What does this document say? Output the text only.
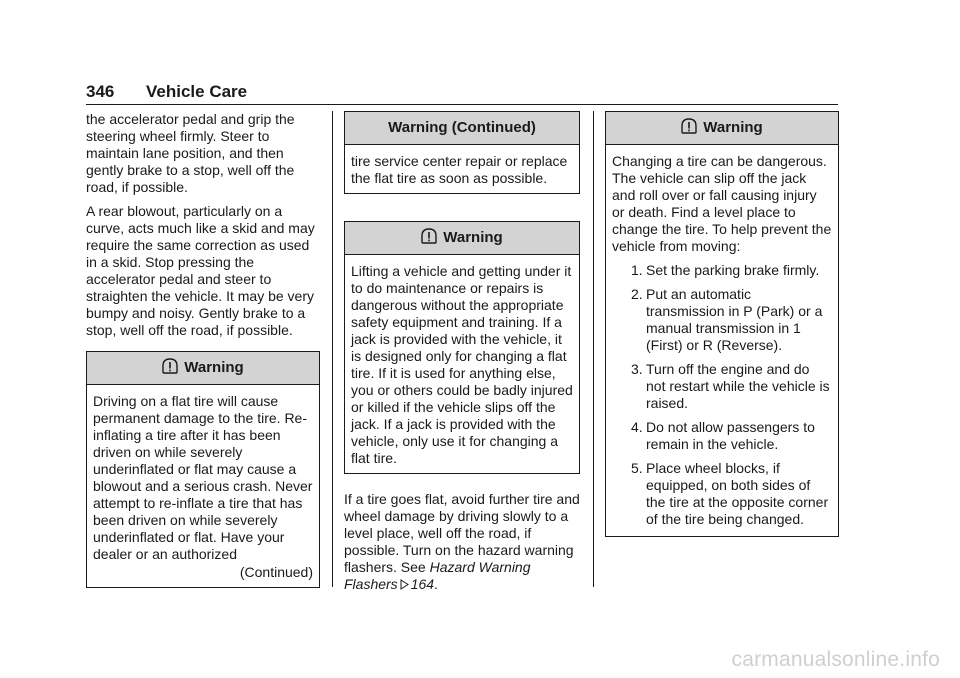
346 Vehicle Care

the accelerator pedal and grip the steering wheel firmly. Steer to maintain lane position, and then gently brake to a stop, well off the road, if possible.

A rear blowout, particularly on a curve, acts much like a skid and may require the same correction as used in a skid. Stop pressing the accelerator pedal and steer to straighten the vehicle. It may be very bumpy and noisy. Gently brake to a stop, well off the road, if possible.

Warning

Driving on a flat tire will cause permanent damage to the tire. Re-inflating a tire after it has been driven on while severely underinflated or flat may cause a blowout and a serious crash. Never attempt to re-inflate a tire that has been driven on while severely underinflated or flat. Have your dealer or an authorized

(Continued)
Warning (Continued)

tire service center repair or replace the flat tire as soon as possible.

Warning

Lifting a vehicle and getting under it to do maintenance or repairs is dangerous without the appropriate safety equipment and training. If a jack is provided with the vehicle, it is designed only for changing a flat tire. If it is used for anything else, you or others could be badly injured or killed if the vehicle slips off the jack. If a jack is provided with the vehicle, only use it for changing a flat tire.

If a tire goes flat, avoid further tire and wheel damage by driving slowly to a level place, well off the road, if possible. Turn on the hazard warning flashers. See Hazard Warning Flashers 164.

Warning

Changing a tire can be dangerous. The vehicle can slip off the jack and roll over or fall causing injury or death. Find a level place to change the tire. To help prevent the vehicle from moving:

1. Set the parking brake firmly.
2. Put an automatic transmission in P (Park) or a manual transmission in 1 (First) or R (Reverse).
3. Turn off the engine and do not restart while the vehicle is raised.
4. Do not allow passengers to remain in the vehicle.
5. Place wheel blocks, if equipped, on both sides of the tire at the opposite corner of the tire being changed.
carmanualsonline.info
